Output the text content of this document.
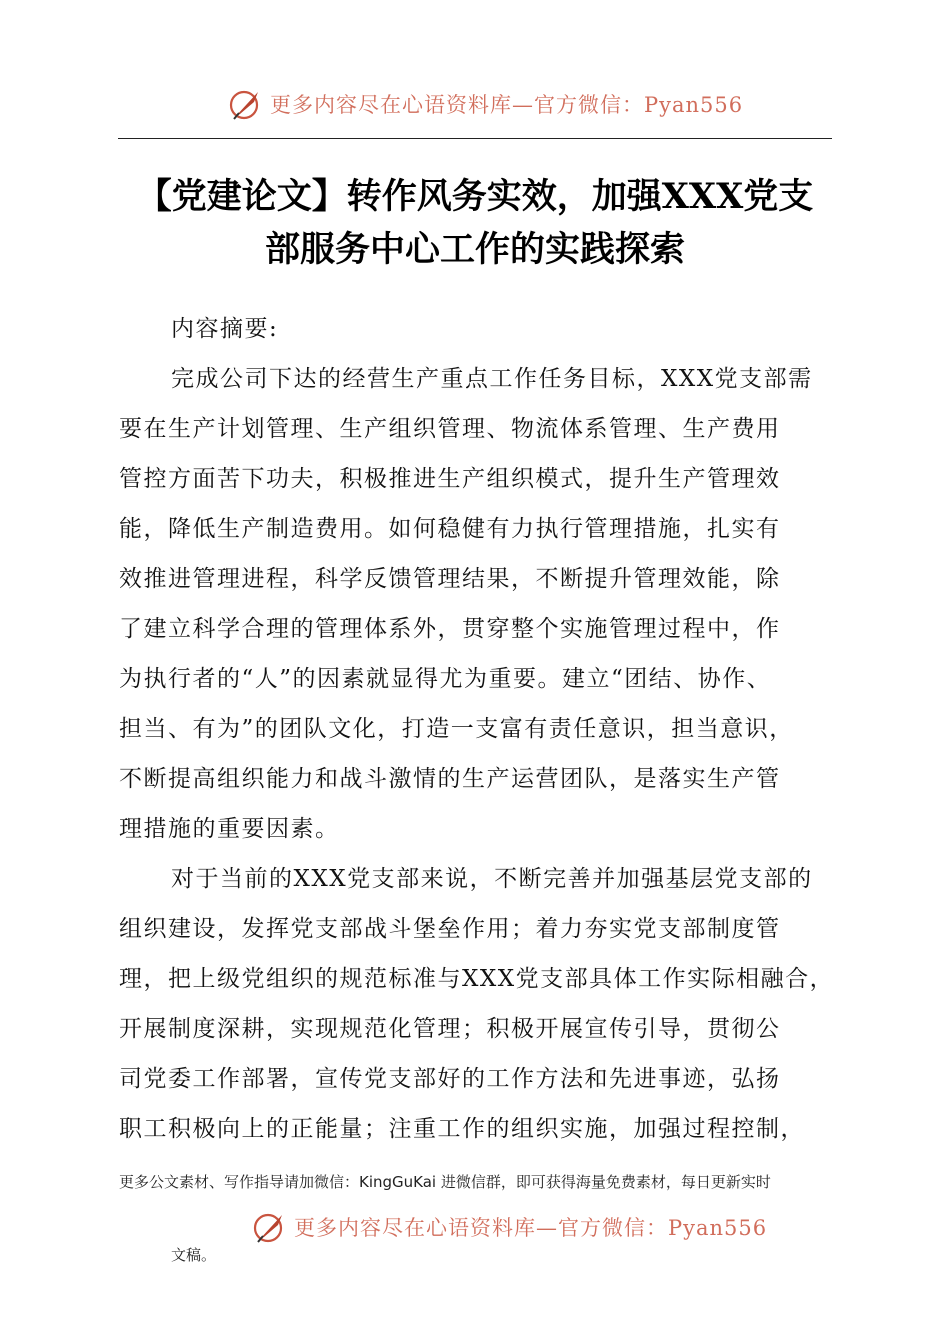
更多内容尽在心语资料库—官方微信：Pyan556
【党建论文】转作风务实效，加强XXX党支
部服务中心工作的实践探索
内容摘要:
完成公司下达的经营生产重点工作任务目标，XXX党支部需
要在生产计划管理、生产组织管理、物流体系管理、生产费用
管控方面苦下功夫，积极推进生产组织模式，提升生产管理效
能，降低生产制造费用。如何稳健有力执行管理措施，扎实有
效推进管理进程，科学反馈管理结果，不断提升管理效能，除
了建立科学合理的管理体系外，贯穿整个实施管理过程中，作
为执行者的“人”的因素就显得尤为重要。建立“团结、协作、
担当、有为”的团队文化，打造一支富有责任意识，担当意识，
不断提高组织能力和战斗激情的生产运营团队，是落实生产管
理措施的重要因素。
对于当前的XXX党支部来说，不断完善并加强基层党支部的
组织建设，发挥党支部战斗堡垒作用；着力夯实党支部制度管
理，把上级党组织的规范标准与XXX党支部具体工作实际相融合，
开展制度深耕，实现规范化管理；积极开展宣传引导，贯彻公
司党委工作部署，宣传党支部好的工作方法和先进事迹，弘扬
职工积极向上的正能量；注重工作的组织实施，加强过程控制，
更多公文素材、写作指导请加微信：KingGuKai 进微信群，即可获得海量免费素材，每日更新实时
更多内容尽在心语资料库—官方微信：Pyan556
文稿。
